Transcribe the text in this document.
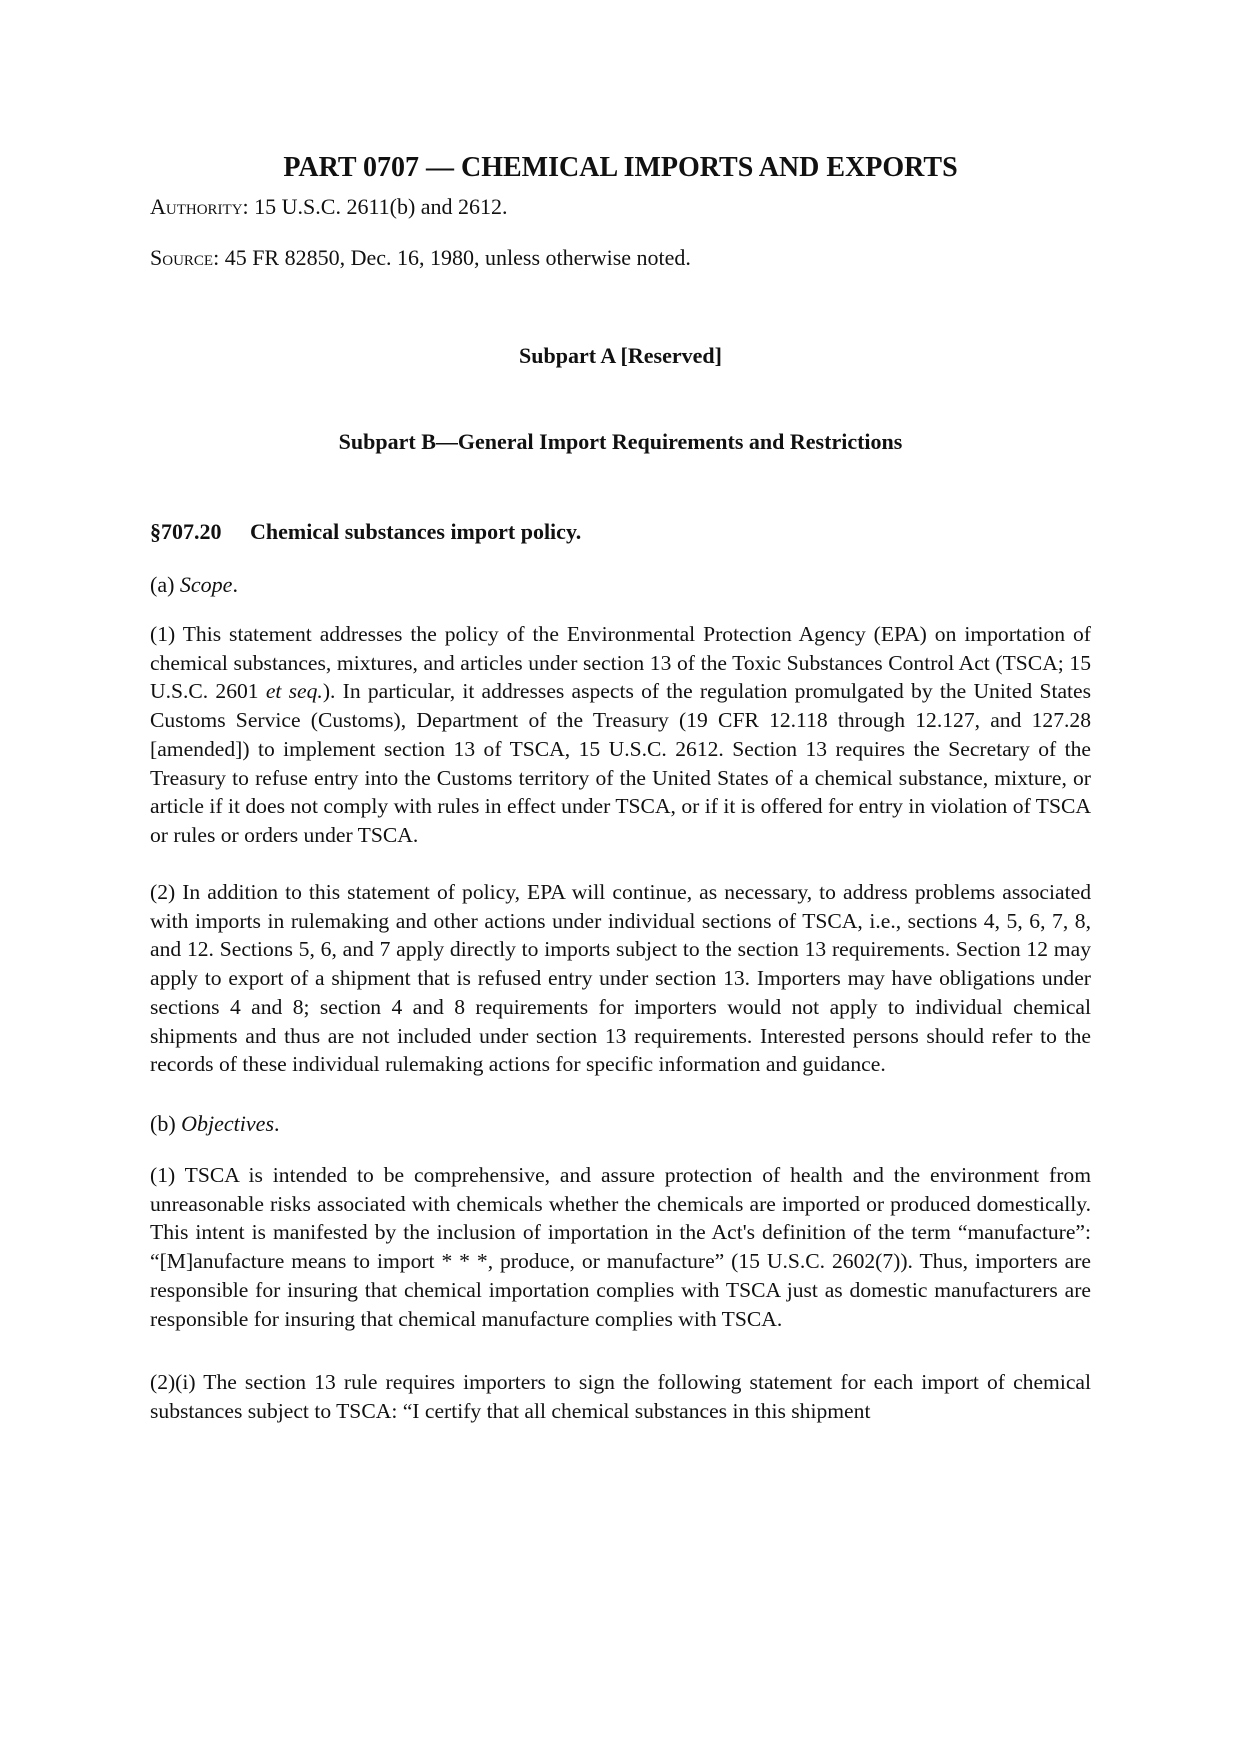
PART 0707 — CHEMICAL IMPORTS AND EXPORTS
Authority: 15 U.S.C. 2611(b) and 2612.
Source: 45 FR 82850, Dec. 16, 1980, unless otherwise noted.
Subpart A [Reserved]
Subpart B—General Import Requirements and Restrictions
§707.20 Chemical substances import policy.
(a) Scope.
(1) This statement addresses the policy of the Environmental Protection Agency (EPA) on importation of chemical substances, mixtures, and articles under section 13 of the Toxic Substances Control Act (TSCA; 15 U.S.C. 2601 et seq.). In particular, it addresses aspects of the regulation promulgated by the United States Customs Service (Customs), Department of the Treasury (19 CFR 12.118 through 12.127, and 127.28 [amended]) to implement section 13 of TSCA, 15 U.S.C. 2612. Section 13 requires the Secretary of the Treasury to refuse entry into the Customs territory of the United States of a chemical substance, mixture, or article if it does not comply with rules in effect under TSCA, or if it is offered for entry in violation of TSCA or rules or orders under TSCA.
(2) In addition to this statement of policy, EPA will continue, as necessary, to address problems associated with imports in rulemaking and other actions under individual sections of TSCA, i.e., sections 4, 5, 6, 7, 8, and 12. Sections 5, 6, and 7 apply directly to imports subject to the section 13 requirements. Section 12 may apply to export of a shipment that is refused entry under section 13. Importers may have obligations under sections 4 and 8; section 4 and 8 requirements for importers would not apply to individual chemical shipments and thus are not included under section 13 requirements. Interested persons should refer to the records of these individual rulemaking actions for specific information and guidance.
(b) Objectives.
(1) TSCA is intended to be comprehensive, and assure protection of health and the environment from unreasonable risks associated with chemicals whether the chemicals are imported or produced domestically. This intent is manifested by the inclusion of importation in the Act's definition of the term “manufacture”: “[M]anufacture means to import * * *, produce, or manufacture” (15 U.S.C. 2602(7)). Thus, importers are responsible for insuring that chemical importation complies with TSCA just as domestic manufacturers are responsible for insuring that chemical manufacture complies with TSCA.
(2)(i) The section 13 rule requires importers to sign the following statement for each import of chemical substances subject to TSCA: “I certify that all chemical substances in this shipment
